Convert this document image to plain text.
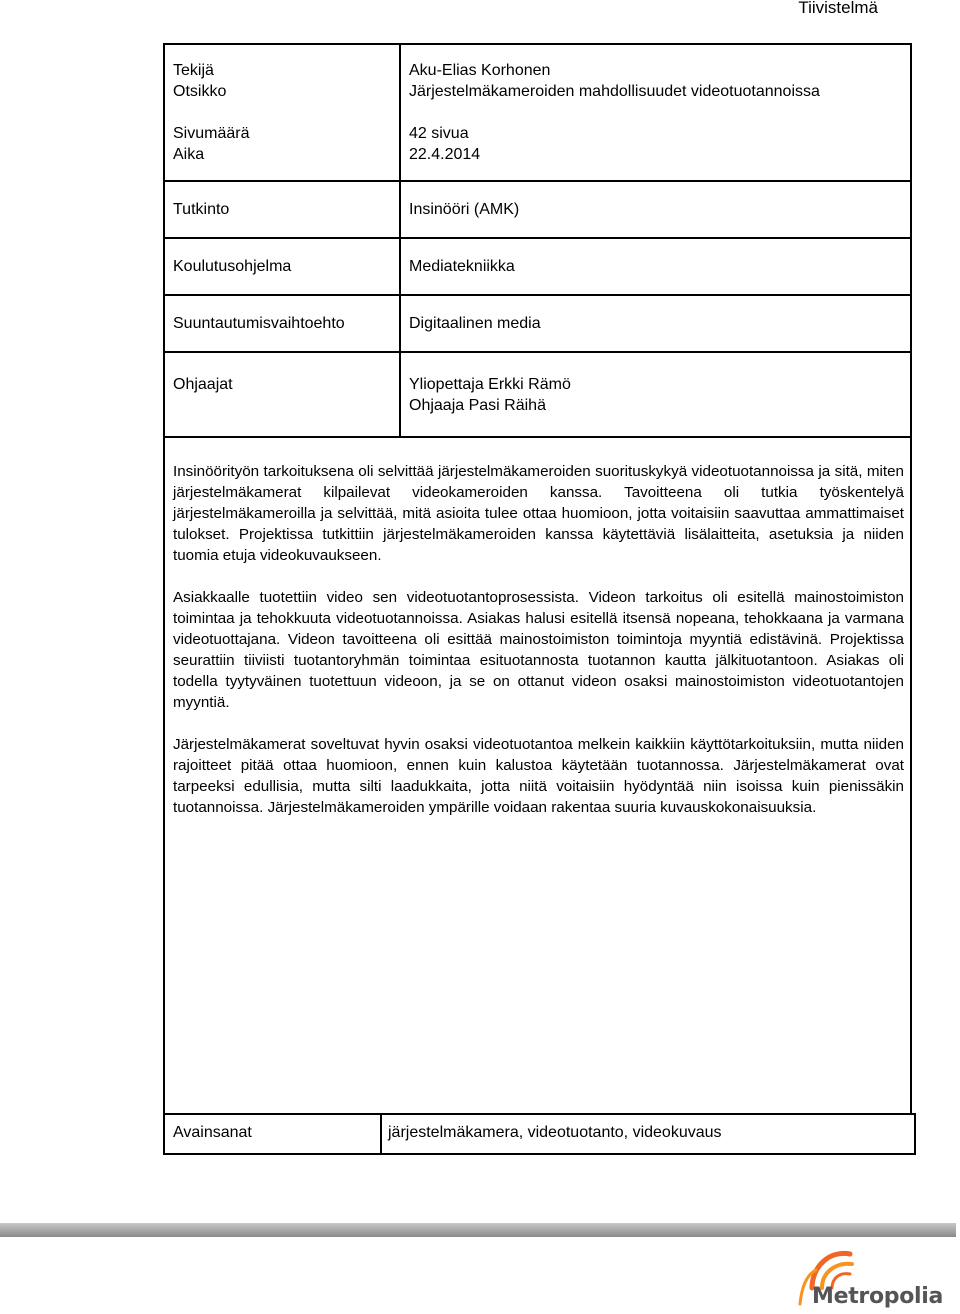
Tiivistelmä
Tekijä	Aku-Elias Korhonen
Otsikko	Järjestelmäkameroiden mahdollisuudet videotuotannoissa
Sivumäärä	42 sivua
Aika	22.4.2014
Tutkinto	Insinööri (AMK)
Koulutusohjelma	Mediatekniikka
Suuntautumisvaihtoehto	Digitaalinen media
Ohjaajat	Yliopettaja Erkki Rämö
Ohjaaja Pasi Räihä

Insinöörityön tarkoituksena oli selvittää järjestelmäkameroiden suorituskykyä videotuotannoissa ja sitä, miten järjestelmäkamerat kilpailevat videokameroiden kanssa. Tavoitteena oli tutkia työskentelyä järjestelmäkameroilla ja selvittää, mitä asioita tulee ottaa huomioon, jotta voitaisiin saavuttaa ammattimaiset tulokset. Projektissa tutkittiin järjestelmäkameroiden kanssa käytettäviä lisälaitteita, asetuksia ja niiden tuomia etuja videokuvaukseen.

Asiakkaalle tuotettiin video sen videotuotantoprosessista. Videon tarkoitus oli esitellä mainostoimiston toimintaa ja tehokkuuta videotuotannoissa. Asiakas halusi esitellä itsensä nopeana, tehokkaana ja varmana videotuottajana. Videon tavoitteena oli esittää mainostoimiston toimintoja myyntiä edistävinä. Projektissa seurattiin tiiviisti tuotantoryhmän toimintaa esituotannosta tuotannon kautta jälkituotantoon. Asiakas oli todella tyytyväinen tuotettuun videoon, ja se on ottanut videon osaksi mainostoimiston videotuotantojen myyntiä.

Järjestelmäkamerat soveltuvat hyvin osaksi videotuotantoa melkein kaikkiin käyttötarkoituksiin, mutta niiden rajoitteet pitää ottaa huomioon, ennen kuin kalustoa käytetään tuotannossa. Järjestelmäkamerat ovat tarpeeksi edullisia, mutta silti laadukkaita, jotta niitä voitaisiin hyödyntää niin isoissa kuin pienissäkin tuotannoissa. Järjestelmäkameroiden ympärille voidaan rakentaa suuria kuvauskokonaisuuksia.

Avainsanat	järjestelmäkamera, videotuotanto, videokuvaus
Metropolia
